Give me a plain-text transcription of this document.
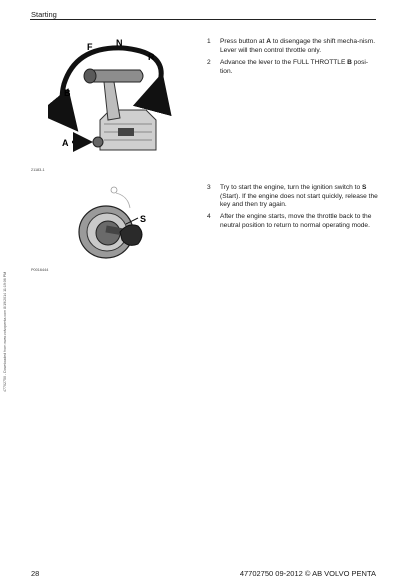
Starting
47702750 - Downloaded from www.volvopenta.com 8/19/2014 11:19:06 PM
N
F
R
B
A
21183-1
S
P0016444
1	Press button at A to disengage the shift mecha-nism. Lever will then control throttle only.
2	Advance the lever to the FULL THROTTLE B posi-tion.
3	Try to start the engine, turn the ignition switch to S (Start). If the engine does not start quickly, release the key and then try again.
4	After the engine starts, move the throttle back to the neutral position to return to normal operating mode.
28	47702750 09-2012 © AB VOLVO PENTA
